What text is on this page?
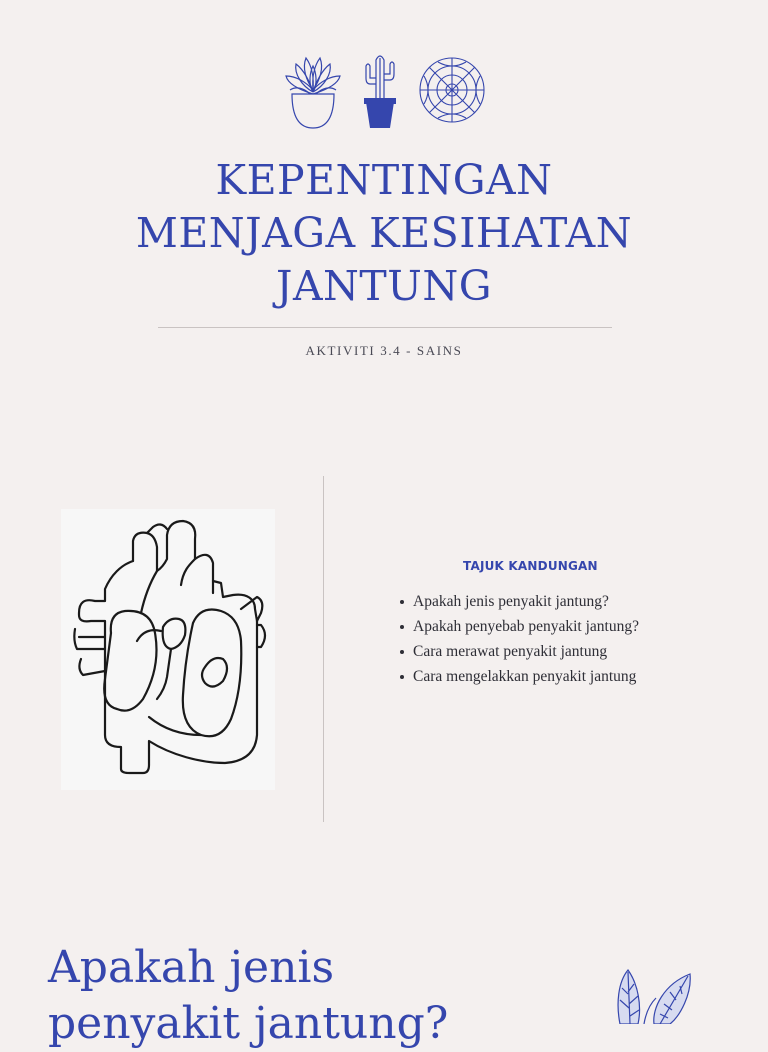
KEPENTINGAN
MENJAGA KESIHATAN
JANTUNG
AKTIVITI 3.4 - SAINS
TAJUK KANDUNGAN
Apakah jenis penyakit jantung?
Apakah penyebab penyakit jantung?
Cara merawat penyakit jantung
Cara mengelakkan penyakit jantung
Apakah jenis
penyakit jantung?
